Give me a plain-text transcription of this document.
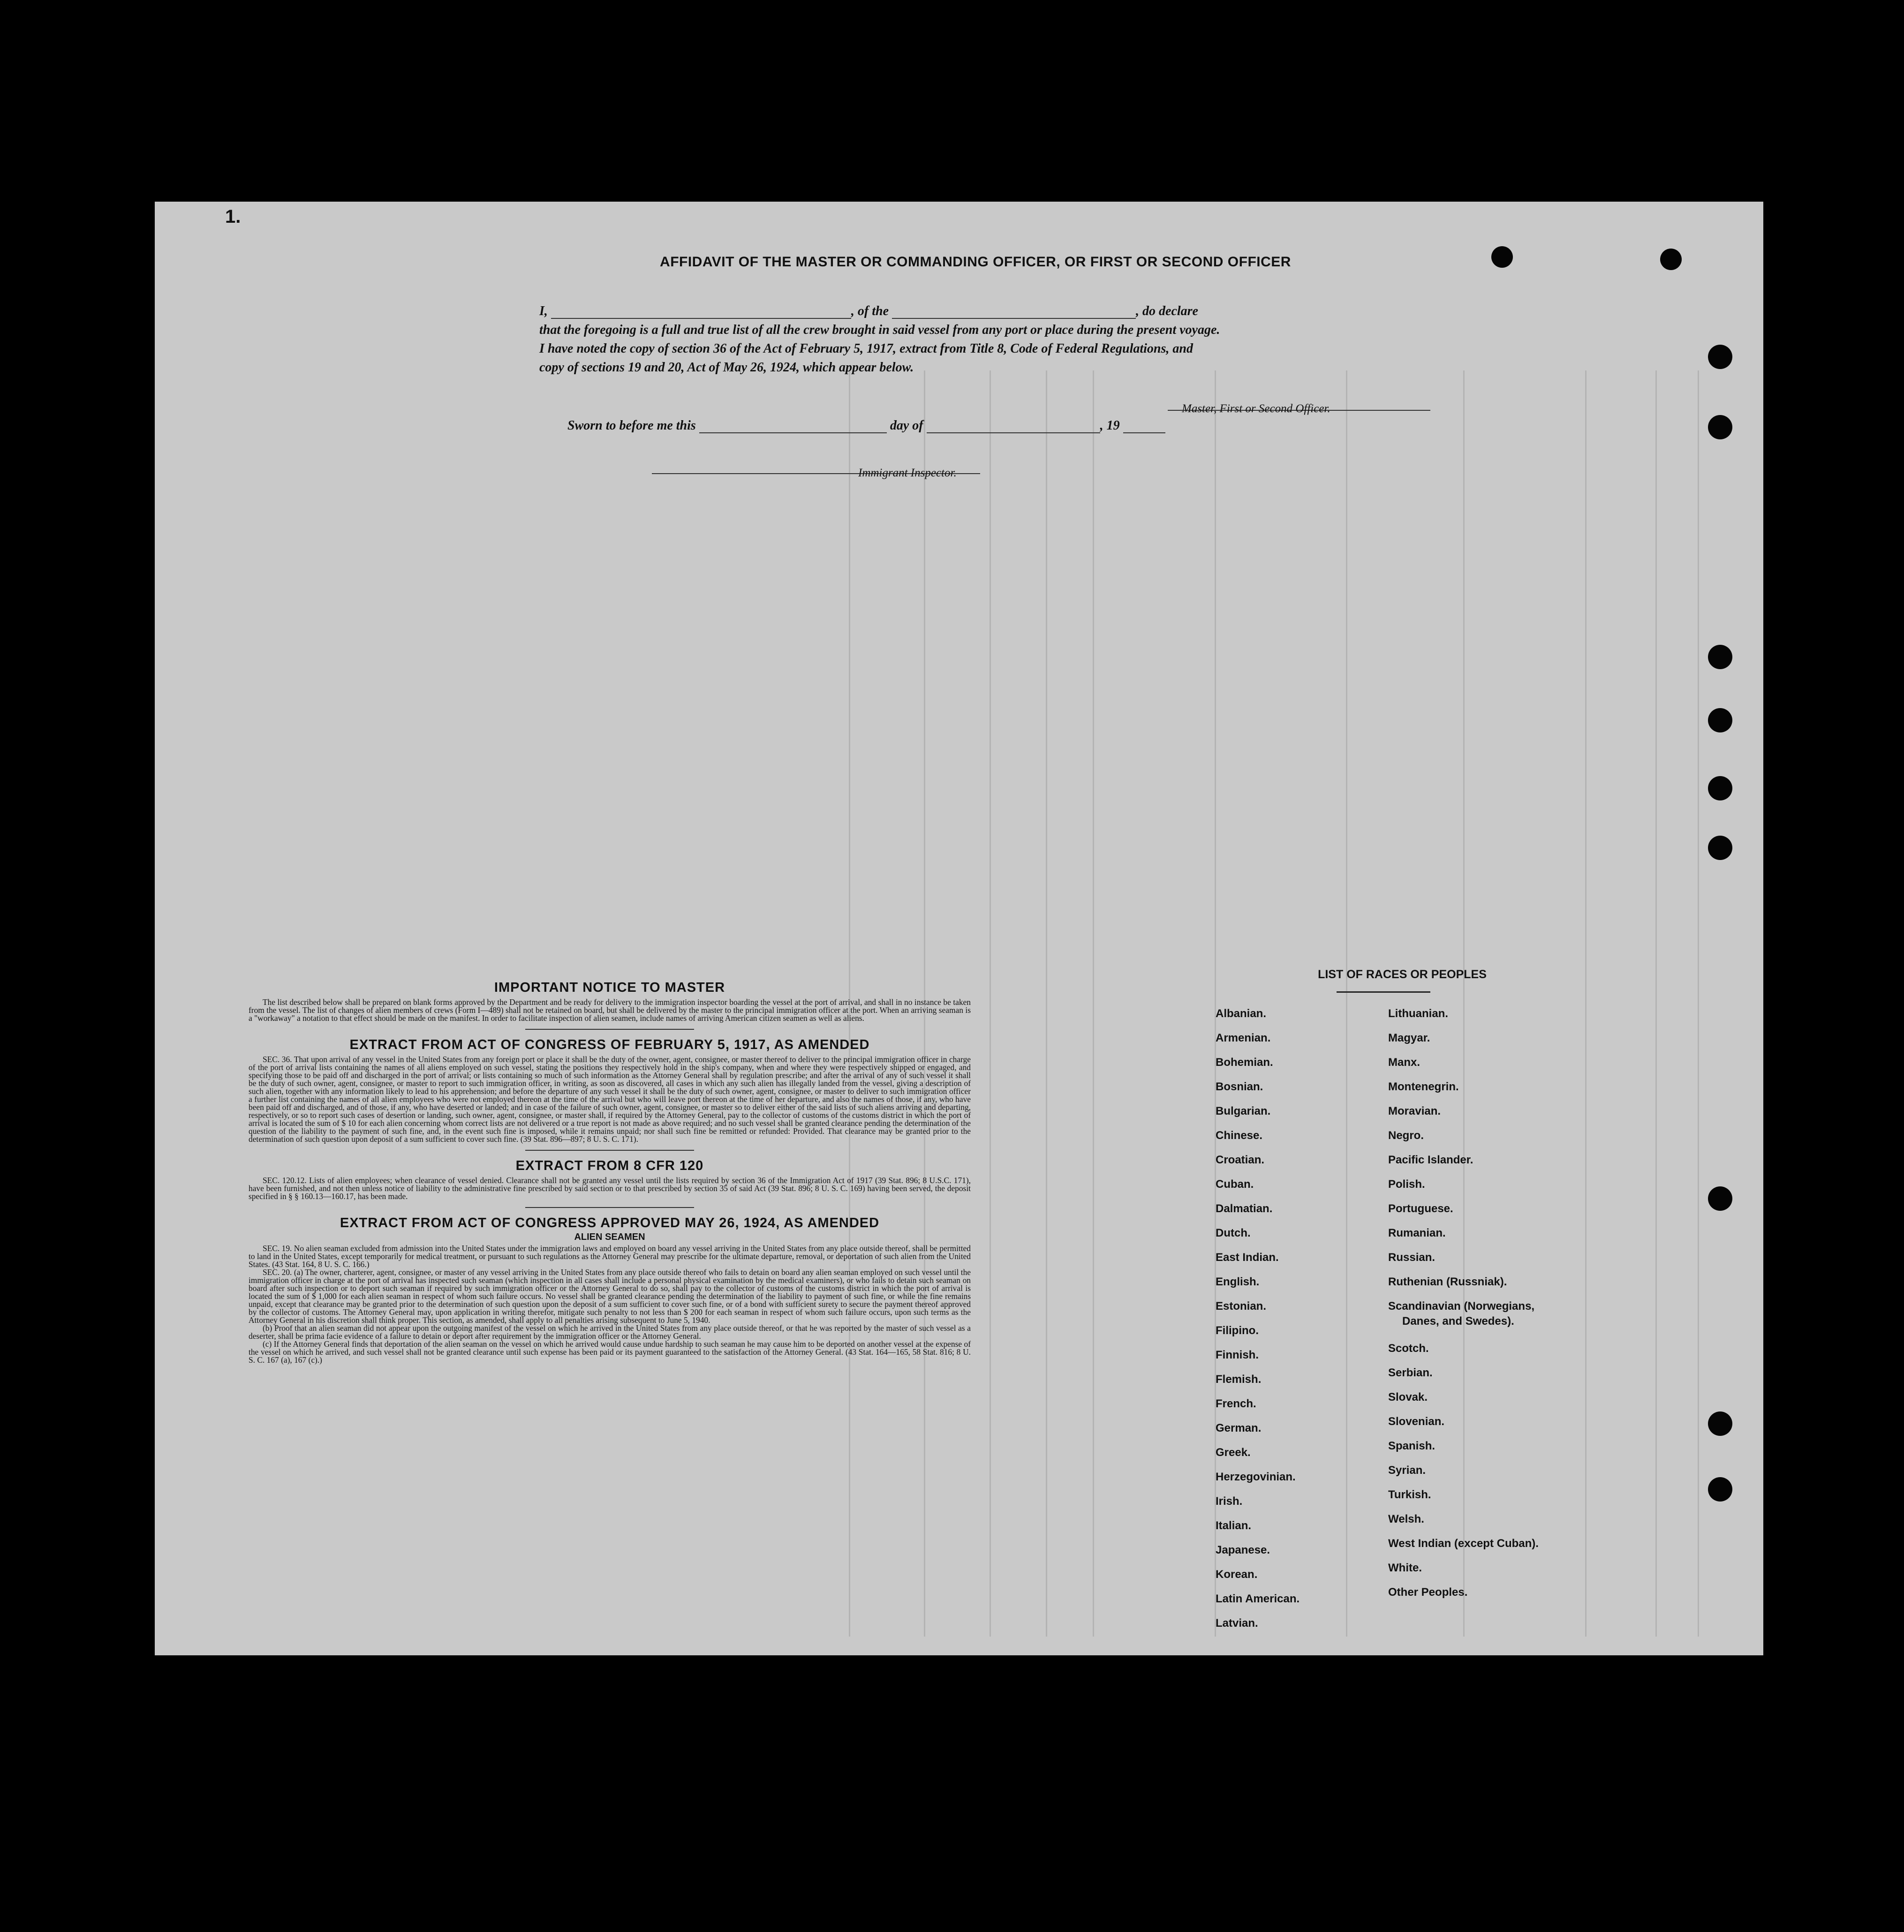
1.
AFFIDAVIT OF THE MASTER OR COMMANDING OFFICER, OR FIRST OR SECOND OFFICER
I,	, of the	, do declare
that the foregoing is a full and true list of all the crew brought in said vessel from any port or place during the present voyage.
I have noted the copy of section 36 of the Act of February 5, 1917, extract from Title 8, Code of Federal Regulations, and
copy of sections 19 and 20, Act of May 26, 1924, which appear below.
Master, First or Second Officer.
Sworn to before me this	day of	, 19
Immigrant Inspector.
IMPORTANT NOTICE TO MASTER

The list described below shall be prepared on blank forms approved by the Department and be ready for delivery to the immigration inspector boarding the vessel at the port of arrival, and shall in no instance be taken from the vessel. The list of changes of alien members of crews (Form I—489) shall not be retained on board, but shall be delivered by the master to the principal immigration officer at the port. When an arriving seaman is a "workaway" a notation to that effect should be made on the manifest. In order to facilitate inspection of alien seamen, include names of arriving American citizen seamen as well as aliens.

EXTRACT FROM ACT OF CONGRESS OF FEBRUARY 5, 1917, AS AMENDED

SEC. 36. That upon arrival of any vessel in the United States from any foreign port or place it shall be the duty of the owner, agent, consignee, or master thereof to deliver to the principal immigration officer in charge of the port of arrival lists containing the names of all aliens employed on such vessel, stating the positions they respectively hold in the ship's company, when and where they were respectively shipped or engaged, and specifying those to be paid off and discharged in the port of arrival; or lists containing so much of such information as the Attorney General shall by regulation prescribe; and after the arrival of any of such vessel it shall be the duty of such owner, agent, consignee, or master to report to such immigration officer, in writing, as soon as discovered, all cases in which any such alien has illegally landed from the vessel, giving a description of such alien, together with any information likely to lead to his apprehension; and before the departure of any such vessel it shall be the duty of such owner, agent, consignee, or master to deliver to such immigration officer a further list containing the names of all alien employees who were not employed thereon at the time of the arrival but who will leave port thereon at the time of her departure, and also the names of those, if any, who have been paid off and discharged, and of those, if any, who have deserted or landed; and in case of the failure of such owner, agent, consignee, or master so to deliver either of the said lists of such aliens arriving and departing, respectively, or so to report such cases of desertion or landing, such owner, agent, consignee, or master shall, if required by the Attorney General, pay to the collector of customs of the customs district in which the port of arrival is located the sum of $ 10 for each alien concerning whom correct lists are not delivered or a true report is not made as above required; and no such vessel shall be granted clearance pending the determination of the question of the liability to the payment of such fine, and, in the event such fine is imposed, while it remains unpaid; nor shall such fine be remitted or refunded: Provided. That clearance may be granted prior to the determination of such question upon deposit of a sum sufficient to cover such fine. (39 Stat. 896—897; 8 U. S. C. 171).

EXTRACT FROM 8 CFR 120

SEC. 120.12. Lists of alien employees; when clearance of vessel denied. Clearance shall not be granted any vessel until the lists required by section 36 of the Immigration Act of 1917 (39 Stat. 896; 8 U.S.C. 171), have been furnished, and not then unless notice of liability to the administrative fine prescribed by said section or to that prescribed by section 35 of said Act (39 Stat. 896; 8 U. S. C. 169) having been served, the deposit specified in § § 160.13—160.17, has been made.

EXTRACT FROM ACT OF CONGRESS APPROVED MAY 26, 1924, AS AMENDED
ALIEN SEAMEN

SEC. 19. No alien seaman excluded from admission into the United States under the immigration laws and employed on board any vessel arriving in the United States from any place outside thereof, shall be permitted to land in the United States, except temporarily for medical treatment, or pursuant to such regulations as the Attorney General may prescribe for the ultimate departure, removal, or deportation of such alien from the United States. (43 Stat. 164, 8 U. S. C. 166.)

SEC. 20. (a) The owner, charterer, agent, consignee, or master of any vessel arriving in the United States from any place outside thereof who fails to detain on board any alien seaman employed on such vessel until the immigration officer in charge at the port of arrival has inspected such seaman (which inspection in all cases shall include a personal physical examination by the medical examiners), or who fails to detain such seaman on board after such inspection or to deport such seaman if required by such immigration officer or the Attorney General to do so, shall pay to the collector of customs of the customs district in which the port of arrival is located the sum of $ 1,000 for each alien seaman in respect of whom such failure occurs. No vessel shall be granted clearance pending the determination of the liability to payment of such fine, or while the fine remains unpaid, except that clearance may be granted prior to the determination of such question upon the deposit of a sum sufficient to cover such fine, or of a bond with sufficient surety to secure the payment thereof approved by the collector of customs. The Attorney General may, upon application in writing therefor, mitigate such penalty to not less than $ 200 for each seaman in respect of whom such failure occurs, upon such terms as the Attorney General in his discretion shall think proper. This section, as amended, shall apply to all penalties arising subsequent to June 5, 1940.

(b) Proof that an alien seaman did not appear upon the outgoing manifest of the vessel on which he arrived in the United States from any place outside thereof, or that he was reported by the master of such vessel as a deserter, shall be prima facie evidence of a failure to detain or deport after requirement by the immigration officer or the Attorney General.

(c) If the Attorney General finds that deportation of the alien seaman on the vessel on which he arrived would cause undue hardship to such seaman he may cause him to be deported on another vessel at the expense of the vessel on which he arrived, and such vessel shall not be granted clearance until such expense has been paid or its payment guaranteed to the satisfaction of the Attorney General. (43 Stat. 164—165, 58 Stat. 816; 8 U. S. C. 167 (a), 167 (c).)

LIST OF RACES OR PEOPLES
Albanian.
Armenian.
Bohemian.
Bosnian.
Bulgarian.
Chinese.
Croatian.
Cuban.
Dalmatian.
Dutch.
East Indian.
English.
Estonian.
Filipino.
Finnish.
Flemish.
French.
German.
Greek.
Herzegovinian.
Irish.
Italian.
Japanese.
Korean.
Latin American.
Latvian.
Lithuanian.
Magyar.
Manx.
Montenegrin.
Moravian.
Negro.
Pacific Islander.
Polish.
Portuguese.
Rumanian.
Russian.
Ruthenian (Russniak).
Scandinavian (Norwegians,
Danes, and Swedes).
Scotch.
Serbian.
Slovak.
Slovenian.
Spanish.
Syrian.
Turkish.
Welsh.
West Indian (except Cuban).
White.
Other Peoples.
